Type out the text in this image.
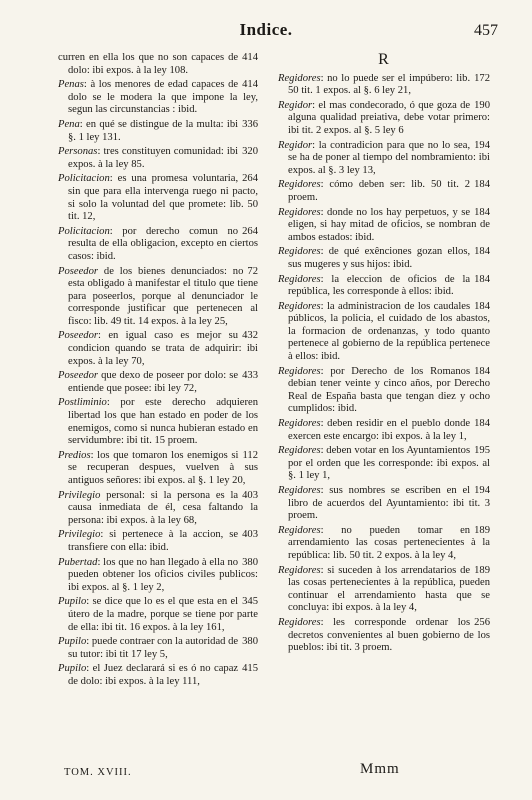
Indice.	457

414
curren en ella los que no son capaces de dolo: ibi expos. à la ley 108.

414
Penas: à los menores de edad capaces de dolo se le modera la que impone la ley, segun las circunstancias : ibid.

336
Pena: en qué se distingue de la multa: ibi §. 1 ley 131.

320
Personas: tres constituyen comunidad: ibi expos. à la ley 85.

264
Policitacion: es una promesa voluntaria, sin que para ella intervenga ruego ni pacto, si solo la voluntad del que promete: lib. 50 tit. 12,

264
Policitacion: por derecho comun no resulta de ella obligacion, excepto en ciertos casos: ibid.

72
Poseedor de los bienes denunciados: no esta obligado à manifestar el titulo que tiene para poseerlos, porque al denunciador le corresponde justificar que pertenecen al fisco: lib. 49 tit. 14 expos. à la ley 25,

432
Poseedor: en igual caso es mejor su condicion quando se trata de adquirir: ibi expos. à la ley 70,

433
Poseedor que dexo de poseer por dolo: se entiende que posee: ibi ley 72,

Postliminio: por este derecho adquieren libertad los que han estado en poder de los enemigos, como si nunca hubieran estado en servidumbre: ibi tit. 15 proem.

112
Predios: los que tomaron los enemigos si se recuperan despues, vuelven à sus antiguos señores: ibi expos. al §. 1 ley 20,

403
Privilegio personal: si la persona es la causa inmediata de él, cesa faltando la persona: ibi expos. à la ley 68,

403
Privilegio: si pertenece à la accion, se transfiere con ella: ibid.

380
Pubertad: los que no han llegado à ella no pueden obtener los oficios civiles publicos: ibi expos. al §. 1 ley 2,

345
Pupilo: se dice que lo es el que esta en el útero de la madre, porque se tiene por parte de ella: ibi tit. 16 expos. à la ley 161,

380
Pupilo: puede contraer con la autoridad de su tutor: ibi tit 17 ley 5,

415
Pupilo: el Juez declarará si es ó no capaz de dolo: ibi expos. à la ley 111,

R

172
Regidores: no lo puede ser el impúbero: lib. 50 tit. 1 expos. al §. 6 ley 21,

190
Regidor: el mas condecorado, ó que goza de alguna qualidad preiativa, debe votar primero: ibi tit. 2 expos. al §. 5 ley 6

194
Regidor: la contradicion para que no lo sea, se ha de poner al tiempo del nombramiento: ibi expos. al §. 3 ley 13,

184
Regidores: cómo deben ser: lib. 50 tit. 2 proem.

184
Regidores: donde no los hay perpetuos, y se eligen, si hay mitad de oficios, se nombran de ambos estados: ibid.

184
Regidores: de qué exênciones gozan ellos, sus mugeres y sus hijos: ibid.

184
Regidores: la eleccion de oficios de la república, les corresponde à ellos: ibid.

184
Regidores: la administracion de los caudales públicos, la policia, el cuidado de los abastos, la formacion de ordenanzas, y todo quanto pertenece al gobierno de la república pertenece à ellos: ibid.

184
Regidores: por Derecho de los Romanos debian tener veinte y cinco años, por Derecho Real de España basta que tengan diez y ocho cumplidos: ibid.

184
Regidores: deben residir en el pueblo donde exercen este encargo: ibi expos. à la ley 1,

195
Regidores: deben votar en los Ayuntamientos por el orden que les corresponde: ibi expos. al §. 1 ley 1,

194
Regidores: sus nombres se escriben en el libro de acuerdos del Ayuntamiento: ibi tit. 3 proem.

189
Regidores: no pueden tomar en arrendamiento las cosas pertenecientes à la república: lib. 50 tit. 2 expos. à la ley 4,

189
Regidores: si suceden à los arrendatarios de las cosas pertenecientes à la república, pueden continuar el arrendamiento hasta que se concluya: ibi expos. à la ley 4,

256
Regidores: les corresponde ordenar los decretos convenientes al buen gobierno de los pueblos: ibi tit. 3 proem.

TOM. XVIII.	Mmm
